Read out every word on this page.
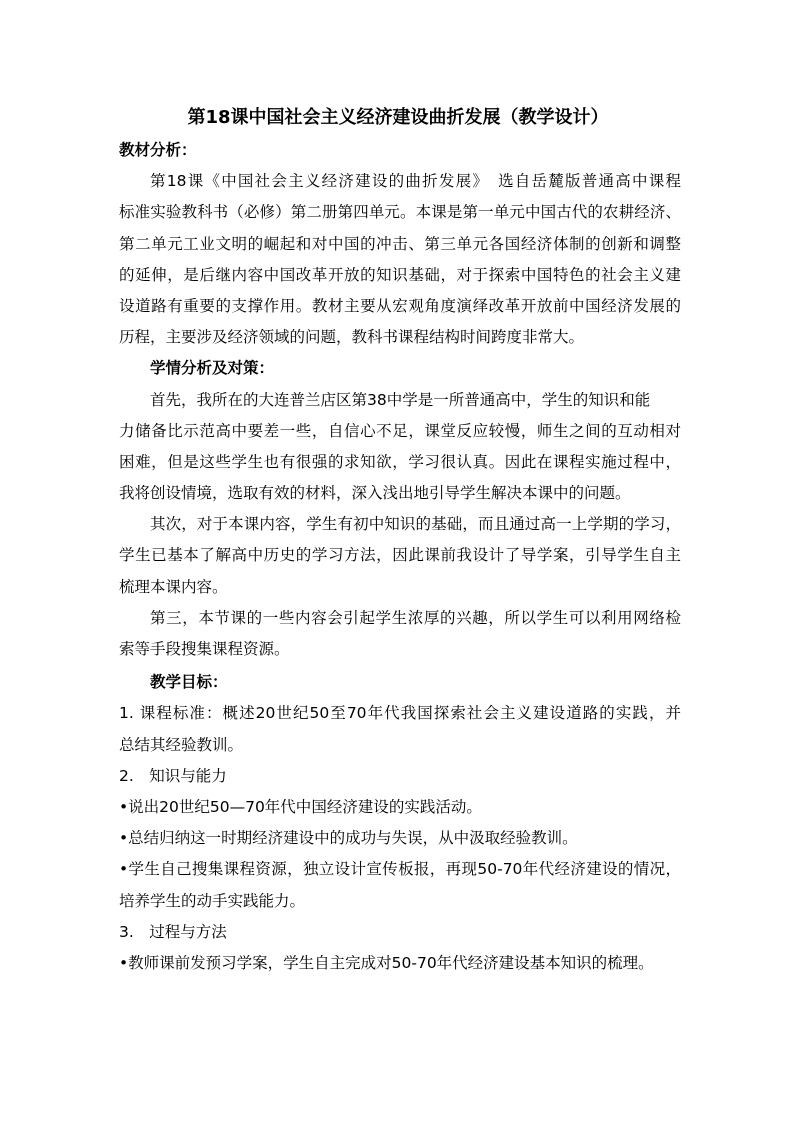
第18课中国社会主义经济建设曲折发展（教学设计）
教材分析：
第18课《中国社会主义经济建设的曲折发展》　选自岳麓版普通高中课程
标准实验教科书（必修）第二册第四单元。本课是第一单元中国古代的农耕经济、
第二单元工业文明的崛起和对中国的冲击、第三单元各国经济体制的创新和调整
的延伸，是后继内容中国改革开放的知识基础，对于探索中国特色的社会主义建
设道路有重要的支撑作用。教材主要从宏观角度演绎改革开放前中国经济发展的
历程，主要涉及经济领域的问题，教科书课程结构时间跨度非常大。
学情分析及对策：
首先，我所在的大连普兰店区第38中学是一所普通高中，学生的知识和能
力储备比示范高中要差一些，自信心不足，课堂反应较慢，师生之间的互动相对
困难，但是这些学生也有很强的求知欲，学习很认真。因此在课程实施过程中，
我将创设情境，选取有效的材料，深入浅出地引导学生解决本课中的问题。
其次，对于本课内容，学生有初中知识的基础，而且通过高一上学期的学习，
学生已基本了解高中历史的学习方法，因此课前我设计了导学案，引导学生自主
梳理本课内容。
第三，本节课的一些内容会引起学生浓厚的兴趣，所以学生可以利用网络检
索等手段搜集课程资源。
教学目标：
1. 课程标准：概述20世纪50至70年代我国探索社会主义建设道路的实践，并
总结其经验教训。
2.　知识与能力
•说出20世纪50—70年代中国经济建设的实践活动。
•总结归纳这一时期经济建设中的成功与失误，从中汲取经验教训。
•学生自己搜集课程资源，独立设计宣传板报，再现50-70年代经济建设的情况，
培养学生的动手实践能力。
3.　过程与方法
•教师课前发预习学案，学生自主完成对50-70年代经济建设基本知识的梳理。
